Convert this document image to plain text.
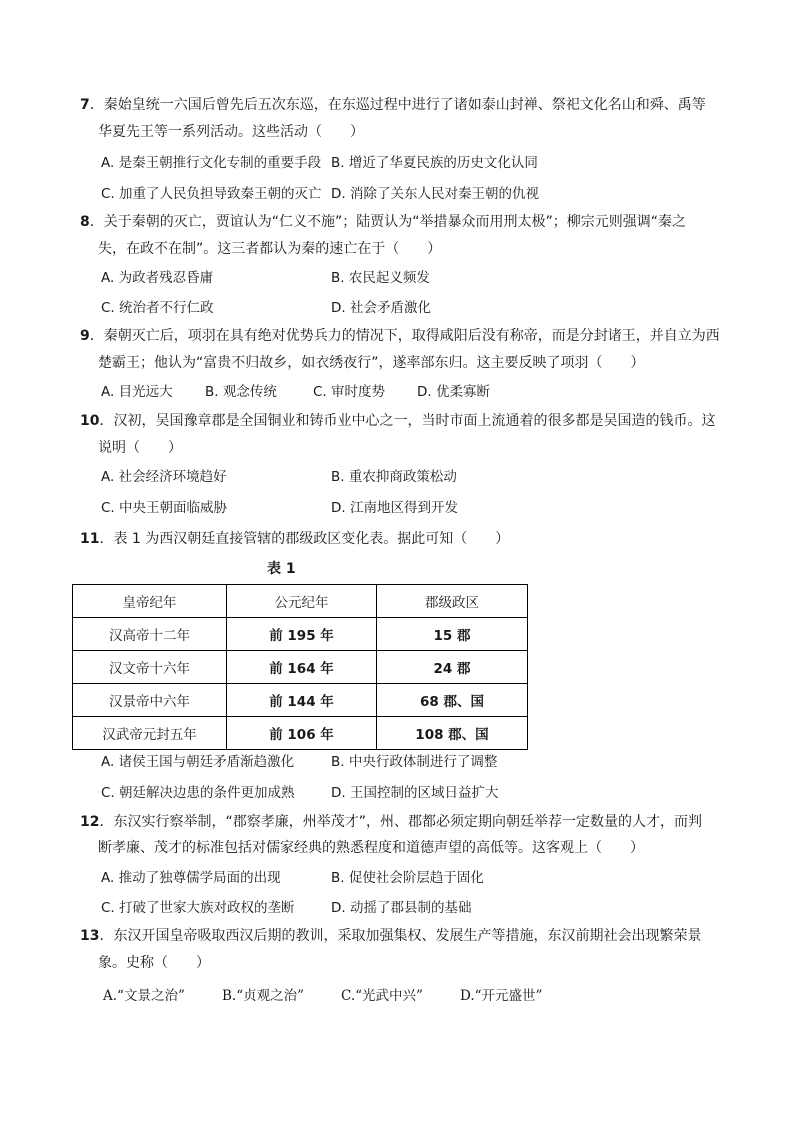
7．秦始皇统一六国后曾先后五次东巡，在东巡过程中进行了诸如泰山封禅、祭祀文化名山和舜、禹等
华夏先王等一系列活动。这些活动（　　）
A. 是秦王朝推行文化专制的重要手段 B. 增近了华夏民族的历史文化认同
C. 加重了人民负担导致秦王朝的灭亡 D. 消除了关东人民对秦王朝的仇视
8．关于秦朝的灭亡，贾谊认为“仁义不施”；陆贾认为“举措暴众而用刑太极”；柳宗元则强调“秦之
失，在政不在制”。这三者都认为秦的速亡在于（　　）
A. 为政者残忍昏庸	B. 农民起义频发
C. 统治者不行仁政	D. 社会矛盾激化
9．秦朝灭亡后，项羽在具有绝对优势兵力的情况下，取得咸阳后没有称帝，而是分封诸王，并自立为西
楚霸王；他认为“富贵不归故乡，如衣绣夜行”，遂率部东归。这主要反映了项羽（　　）
A. 目光远大 B. 观念传统	C. 审时度势 D. 优柔寡断
10．汉初，吴国豫章郡是全国铜业和铸币业中心之一，当时市面上流通着的很多都是吴国造的钱币。这
说明（　　）
A. 社会经济环境趋好	B. 重农抑商政策松动
C. 中央王朝面临威胁	D. 江南地区得到开发
11．表 1 为西汉朝廷直接管辖的郡级政区变化表。据此可知（　　）
表 1
皇帝纪年	公元纪年	郡级政区
汉高帝十二年	前 195 年	15 郡
汉文帝十六年	前 164 年	24 郡
汉景帝中六年	前 144 年	68 郡、国
汉武帝元封五年	前 106 年	108 郡、国
A. 诸侯王国与朝廷矛盾渐趋激化	B. 中央行政体制进行了调整
C. 朝廷解决边患的条件更加成熟	D. 王国控制的区域日益扩大
12．东汉实行察举制，“郡察孝廉，州举茂才”，州、郡都必须定期向朝廷举荐一定数量的人才，而判
断孝廉、茂才的标准包括对儒家经典的熟悉程度和道德声望的高低等。这客观上（　　）
A. 推动了独尊儒学局面的出现	B. 促使社会阶层趋于固化
C. 打破了世家大族对政权的垄断	D. 动摇了郡县制的基础
13．东汉开国皇帝吸取西汉后期的教训，采取加强集权、发展生产等措施，东汉前期社会出现繁荣景
象。史称（　　）
A.“文景之治”	B.“贞观之治”	C.“光武中兴”	D.“开元盛世”
